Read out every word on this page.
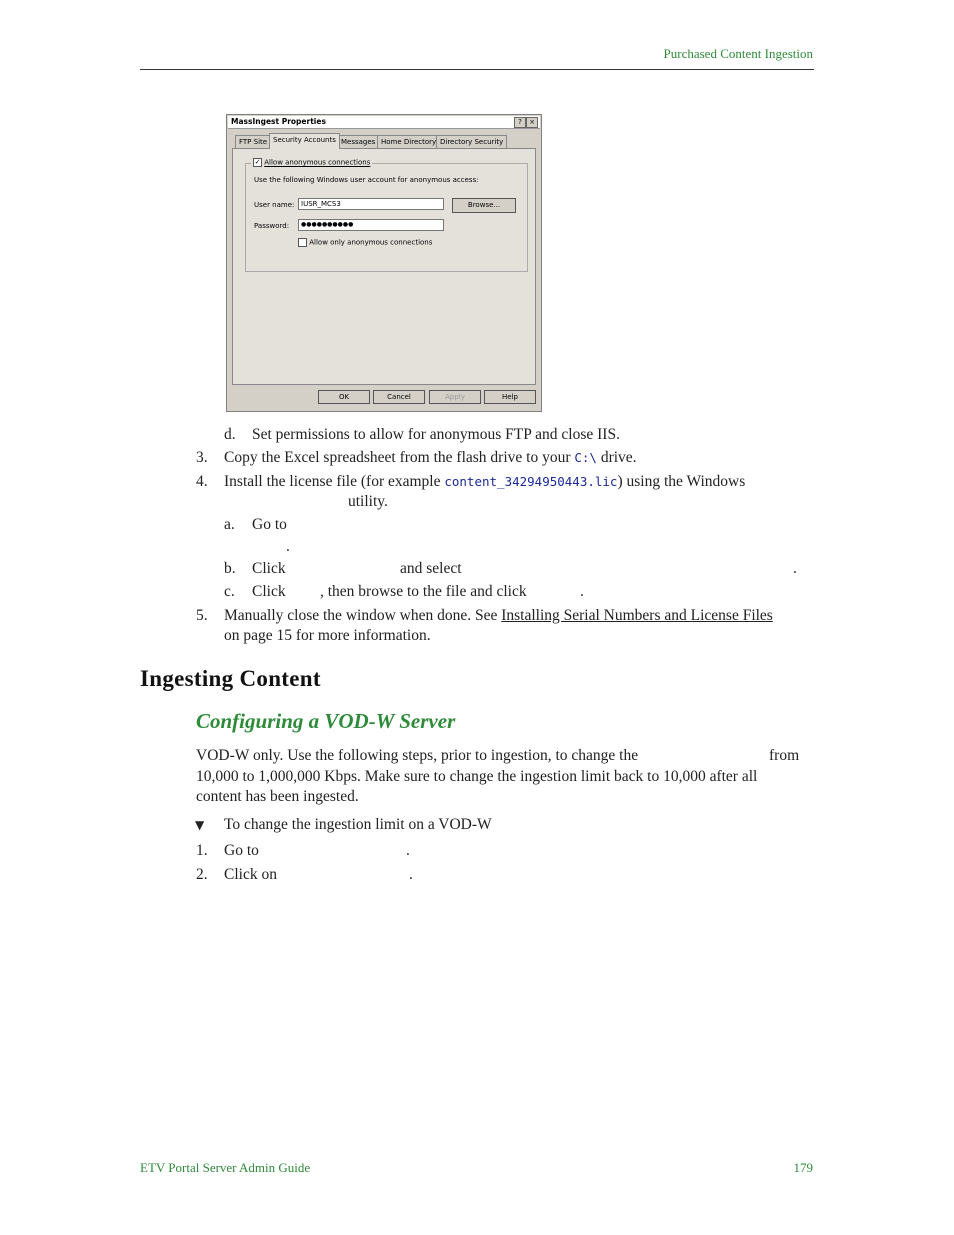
Purchased Content Ingestion
MassIngest Properties	?	×
FTP Site Security Accounts Messages Home Directory Directory Security
✓ Allow anonymous connections
Use the following Windows user account for anonymous access:
User name: IUSR_MCS3	Browse...
Password:	●●●●●●●●●●
Allow only anonymous connections
OK	Cancel	Apply	Help
d. Set permissions to allow for anonymous FTP and close IIS.
3. Copy the Excel spreadsheet from the flash drive to your C:\ drive.
4. Install the license file (for example content_34294950443.lic) using the Windows
utility.
a. Go to
.
b. Click	and select	.
c. Click , then browse to the file and click	.
5. Manually close the window when done. See Installing Serial Numbers and License Files
on page 15 for more information.
Ingesting Content
Configuring a VOD-W Server
VOD-W only. Use the following steps, prior to ingestion, to change the	from
10,000 to 1,000,000 Kbps. Make sure to change the ingestion limit back to 10,000 after all
content has been ingested.
▼ To change the ingestion limit on a VOD-W
1. Go to	.
2. Click on	.
ETV Portal Server Admin Guide	179
